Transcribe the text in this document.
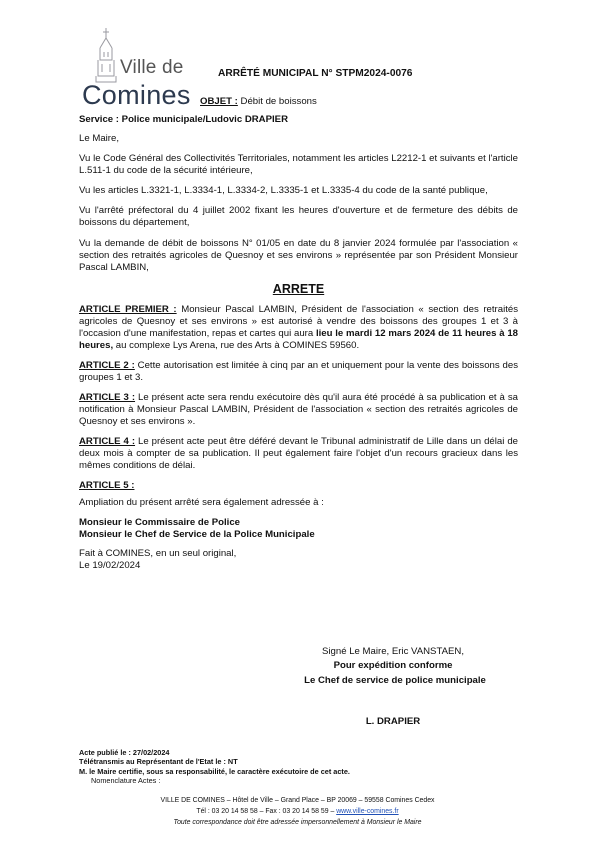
Ville de
Comines
ARRÊTÉ MUNICIPAL N° STPM2024-0076
OBJET : Débit de boissons

Service : Police municipale/Ludovic DRAPIER

Le Maire,

Vu le Code Général des Collectivités Territoriales, notamment les articles L2212-1 et suivants et l'article L.511-1 du code de la sécurité intérieure,

Vu les articles L.3321-1, L.3334-1, L.3334-2, L.3335-1 et L.3335-4 du code de la santé publique,

Vu l'arrêté préfectoral du 4 juillet 2002 fixant les heures d'ouverture et de fermeture des débits de boissons du département,

Vu la demande de débit de boissons N° 01/05 en date du 8 janvier 2024 formulée par l'association « section des retraités agricoles de Quesnoy et ses environs » représentée par son Président Monsieur Pascal LAMBIN,

ARRETE

ARTICLE PREMIER : Monsieur Pascal LAMBIN, Président de l'association « section des retraités agricoles de Quesnoy et ses environs » est autorisé à vendre des boissons des groupes 1 et 3 à l'occasion d'une manifestation, repas et cartes qui aura lieu le mardi 12 mars 2024 de 11 heures à 18 heures, au complexe Lys Arena, rue des Arts à COMINES 59560.

ARTICLE 2 : Cette autorisation est limitée à cinq par an et uniquement pour la vente des boissons des groupes 1 et 3.

ARTICLE 3 : Le présent acte sera rendu exécutoire dès qu'il aura été procédé à sa publication et à sa notification à Monsieur Pascal LAMBIN, Président de l'association « section des retraités agricoles de Quesnoy et ses environs ».

ARTICLE 4 : Le présent acte peut être déféré devant le Tribunal administratif de Lille dans un délai de deux mois à compter de sa publication. Il peut également faire l'objet d'un recours gracieux dans les mêmes conditions de délai.

ARTICLE 5 :

Ampliation du présent arrêté sera également adressée à :

Monsieur le Commissaire de Police

Monsieur le Chef de Service de la Police Municipale

Fait à COMINES, en un seul original,

Le 19/02/2024

Signé Le Maire, Eric VANSTAEN,
Pour expédition conforme
Le Chef de service de police municipale
L. DRAPIER
Acte publié le : 27/02/2024
Télétransmis au Représentant de l'Etat le : NT
M. le Maire certifie, sous sa responsabilité, le caractère exécutoire de cet acte.
Nomenclature Actes :
VILLE DE COMINES – Hôtel de Ville – Grand Place – BP 20069 – 59558 Comines Cedex
Tél : 03 20 14 58 58 – Fax : 03 20 14 58 59 – www.ville-comines.fr
Toute correspondance doit être adressée impersonnellement à Monsieur le Maire
